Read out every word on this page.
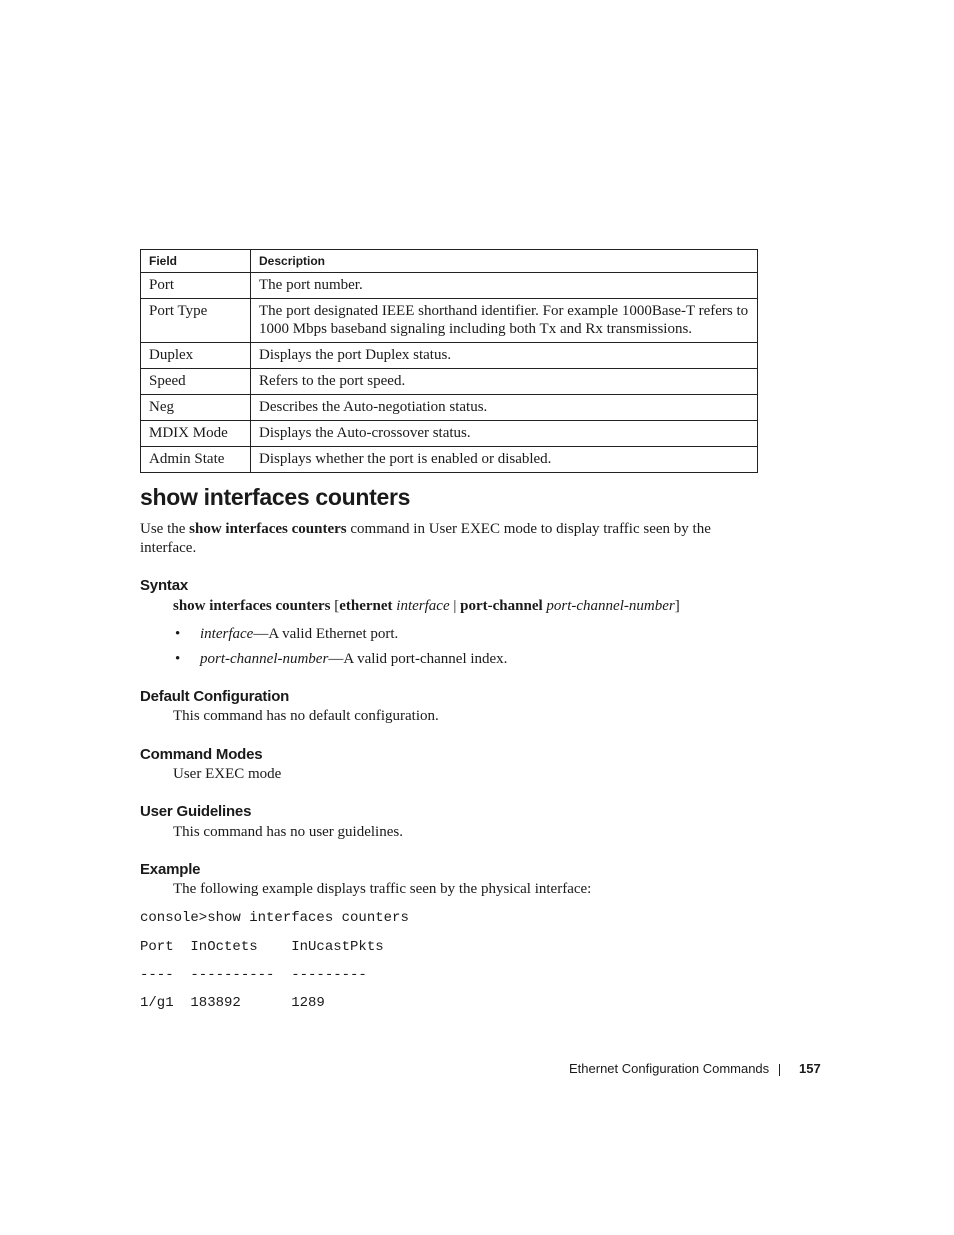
Field	Description
Port	The port number.
Port Type	The port designated IEEE shorthand identifier. For example 1000Base-T refers to 1000 Mbps baseband signaling including both Tx and Rx transmissions.
Duplex	Displays the port Duplex status.
Speed	Refers to the port speed.
Neg	Describes the Auto-negotiation status.
MDIX Mode	Displays the Auto-crossover status.
Admin State	Displays whether the port is enabled or disabled.
show interfaces counters
Use the show interfaces counters command in User EXEC mode to display traffic seen by the
interface.
Syntax
show interfaces counters [ethernet interface | port-channel port-channel-number]
• interface—A valid Ethernet port.
• port-channel-number—A valid port-channel index.
Default Configuration
This command has no default configuration.
Command Modes
User EXEC mode
User Guidelines
This command has no user guidelines.
Example
The following example displays traffic seen by the physical interface:
console>show interfaces counters
Port  InOctets    InUcastPkts
----  ----------  ---------
1/g1  183892      1289
Ethernet Configuration Commands 157
